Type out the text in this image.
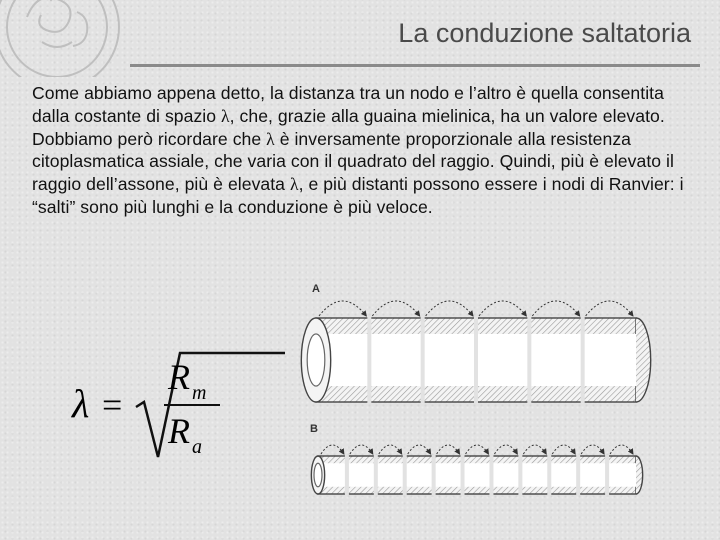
La conduzione saltatoria
Come abbiamo appena detto, la distanza tra un nodo e l’altro è quella consentita dalla costante di spazio λ, che, grazie alla guaina mielinica, ha un valore elevato. Dobbiamo però ricordare che λ è inversamente proporzionale alla resistenza citoplasmatica assiale, che varia con il quadrato del raggio. Quindi, più è elevato il raggio dell’assone, più è elevata λ, e più distanti possono essere i nodi di Ranvier: i “salti” sono più lunghi e la conduzione è più veloce.
λ =
R m
R a
A
B
